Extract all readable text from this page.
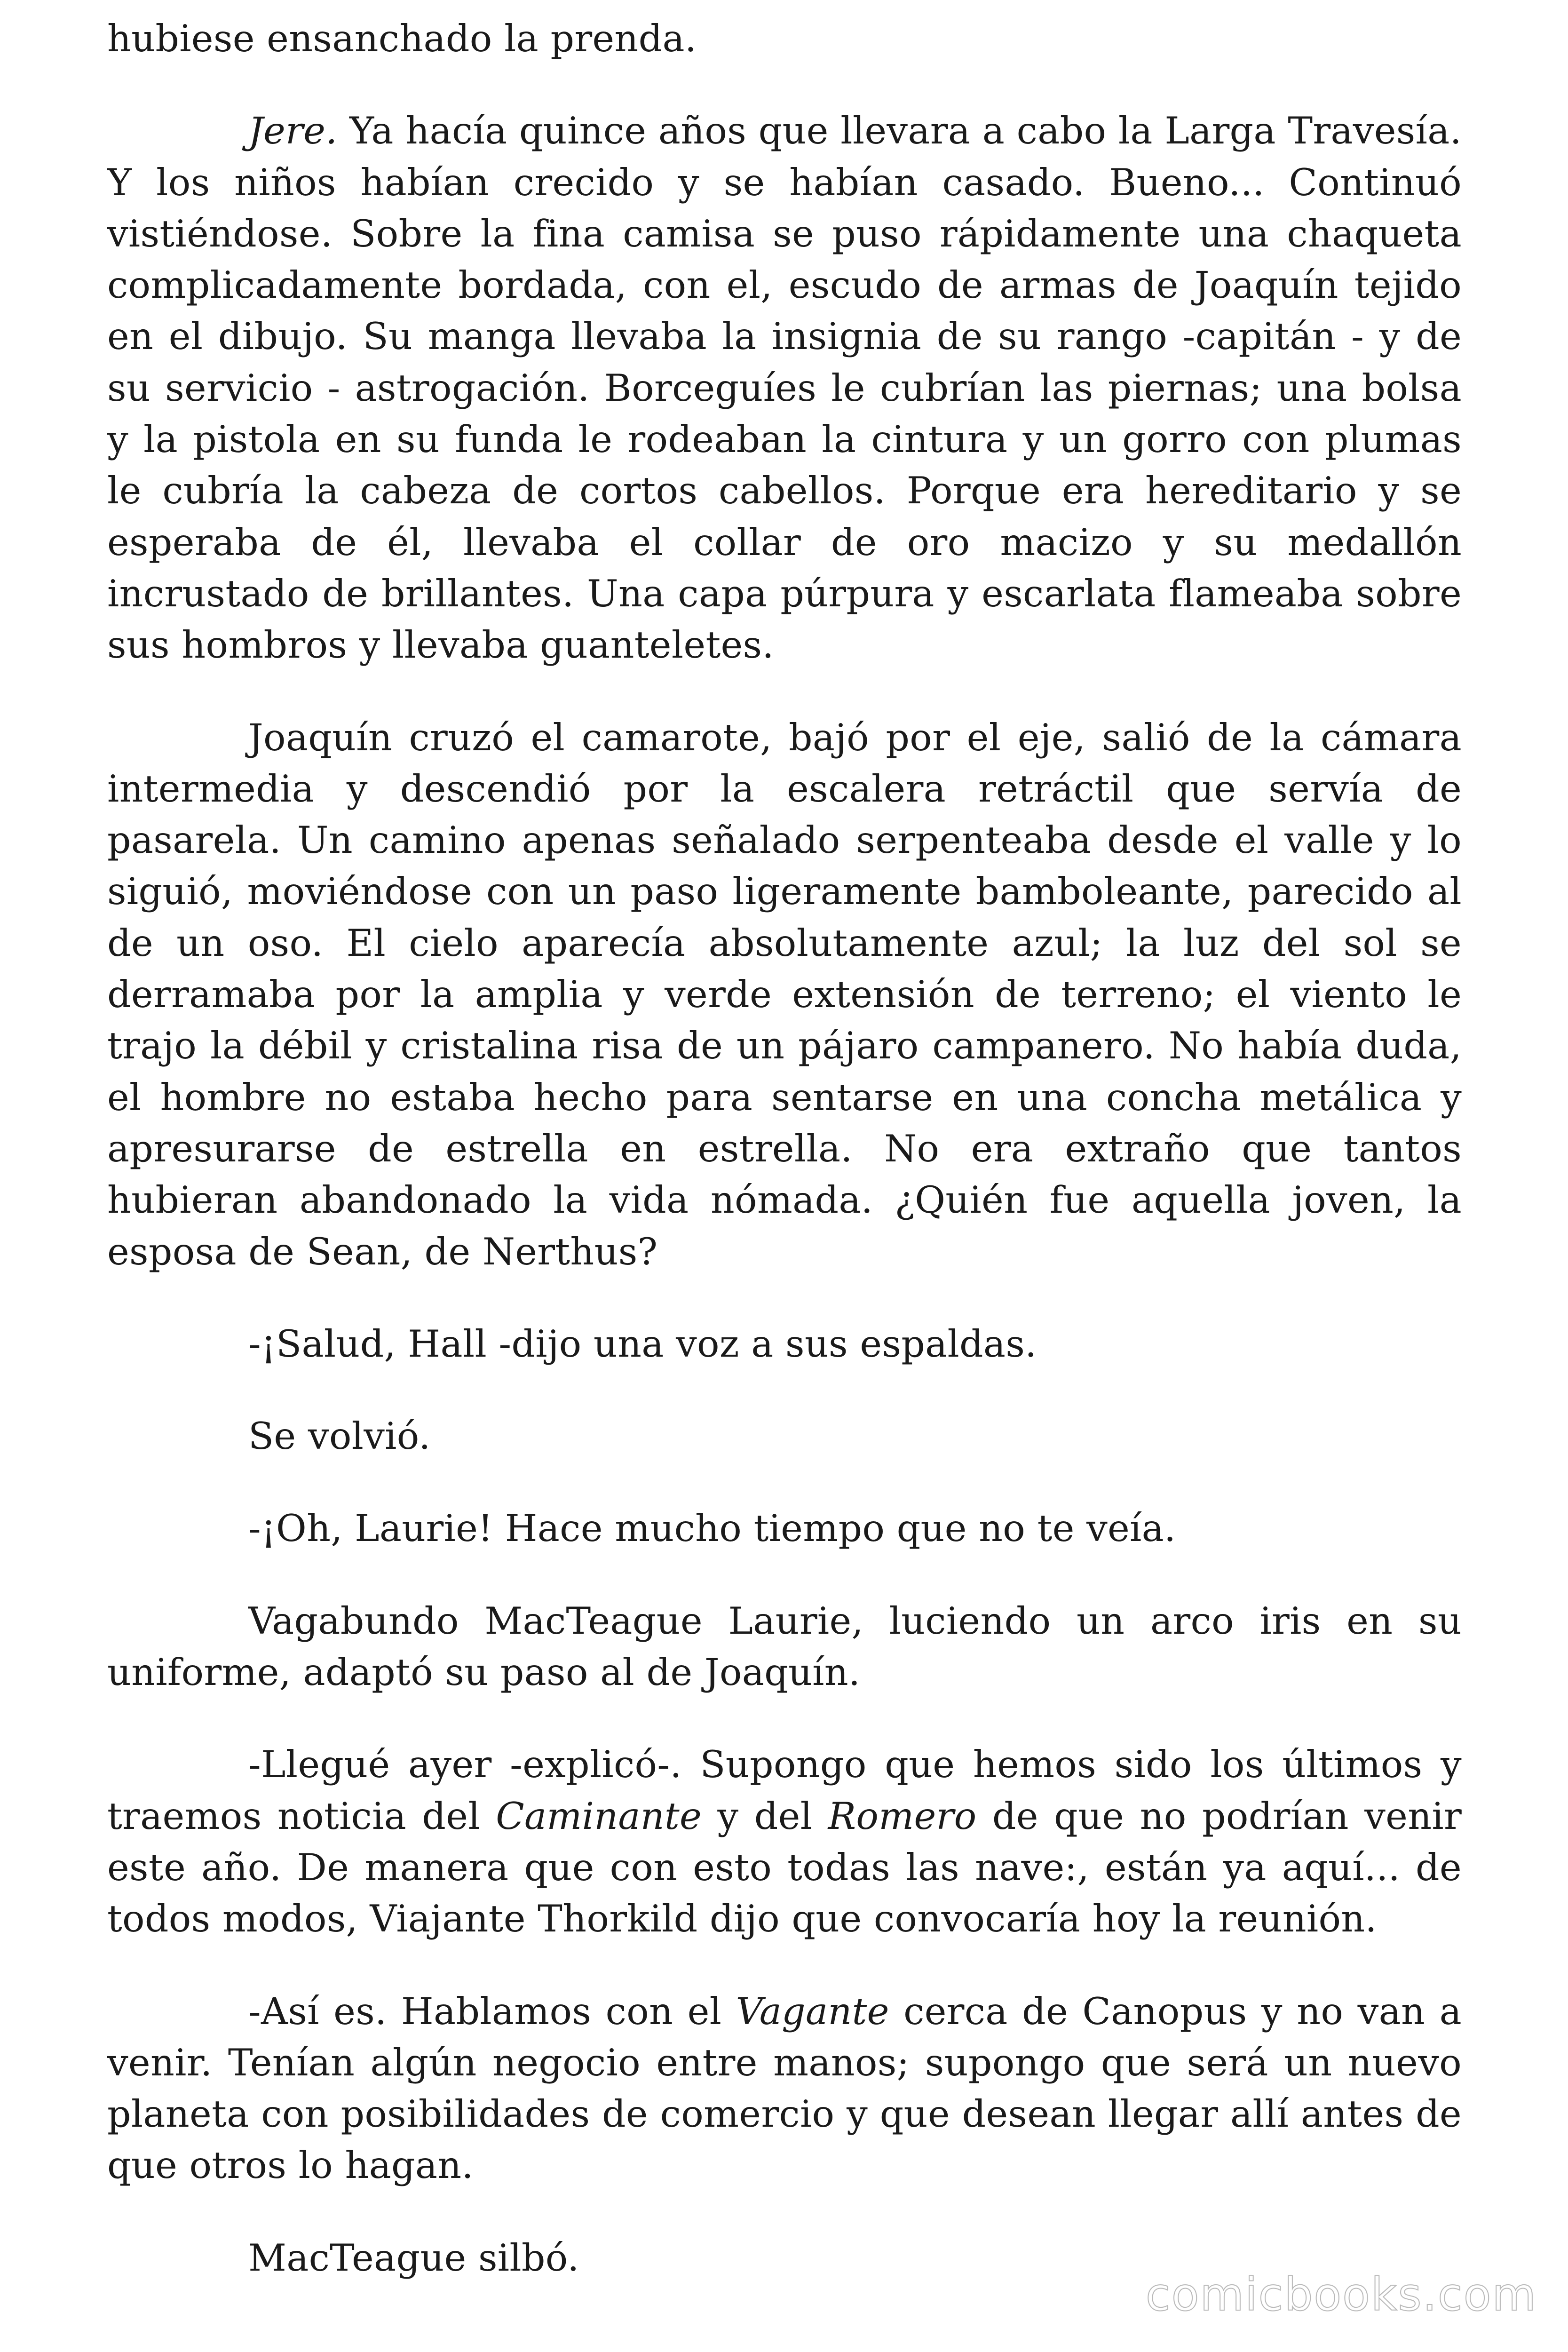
hubiese ensanchado la prenda.

Jere. Ya hacía quince años que llevara a cabo la Larga Travesía. Y los niños habían crecido y se habían casado. Bueno... Continuó vistiéndose. Sobre la fina camisa se puso rápidamente una chaqueta complicadamente bordada, con el, escudo de armas de Joaquín tejido en el dibujo. Su manga llevaba la insignia de su rango -capitán - y de su servicio - astrogación. Borceguíes le cubrían las piernas; una bolsa y la pistola en su funda le rodeaban la cintura y un gorro con plumas le cubría la cabeza de cortos cabellos. Porque era hereditario y se esperaba de él, llevaba el collar de oro macizo y su medallón incrustado de brillantes. Una capa púrpura y escarlata flameaba sobre sus hombros y llevaba guanteletes.

Joaquín cruzó el camarote, bajó por el eje, salió de la cámara intermedia y descendió por la escalera retráctil que servía de pasarela. Un camino apenas señalado serpenteaba desde el valle y lo siguió, moviéndose con un paso ligeramente bamboleante, parecido al de un oso. El cielo aparecía absolutamente azul; la luz del sol se derramaba por la amplia y verde extensión de terreno; el viento le trajo la débil y cristalina risa de un pájaro campanero. No había duda, el hombre no estaba hecho para sentarse en una concha metálica y apresurarse de estrella en estrella. No era extraño que tantos hubieran abandonado la vida nómada. ¿Quién fue aquella joven, la esposa de Sean, de Nerthus?

-¡Salud, Hall -dijo una voz a sus espaldas.

Se volvió.

-¡Oh, Laurie! Hace mucho tiempo que no te veía.

Vagabundo MacTeague Laurie, luciendo un arco iris en su uniforme, adaptó su paso al de Joaquín.

-Llegué ayer -explicó-. Supongo que hemos sido los últimos y traemos noticia del Caminante y del Romero de que no podrían venir este año. De manera que con esto todas las nave:, están ya aquí... de todos modos, Viajante Thorkild dijo que convocaría hoy la reunión.

-Así es. Hablamos con el Vagante cerca de Canopus y no van a venir. Tenían algún negocio entre manos; supongo que será un nuevo planeta con posibilidades de comercio y que desean llegar allí antes de que otros lo hagan.

MacTeague silbó.

comicbooks.com
